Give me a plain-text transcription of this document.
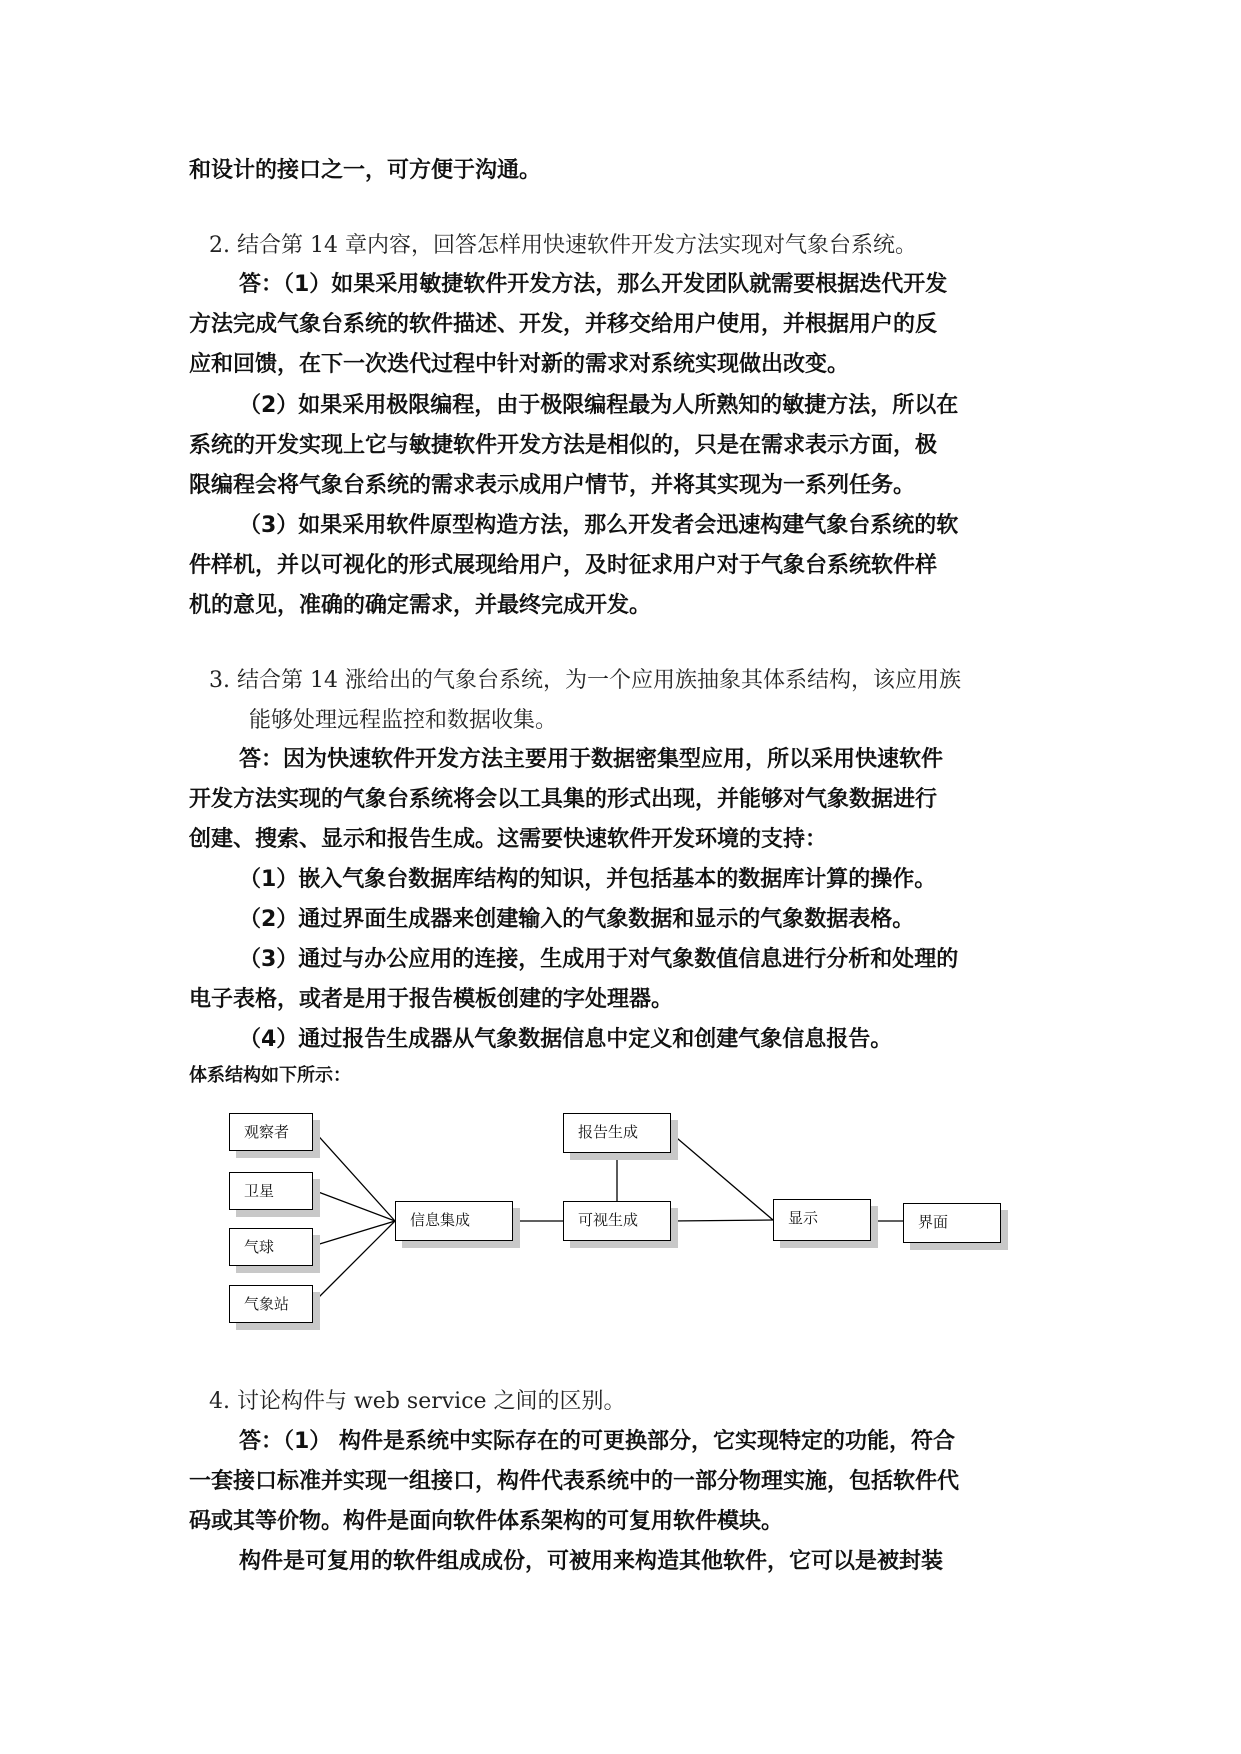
和设计的接口之一，可方便于沟通。
2. 结合第 14 章内容，回答怎样用快速软件开发方法实现对气象台系统。
答：（1）如果采用敏捷软件开发方法，那么开发团队就需要根据迭代开发
方法完成气象台系统的软件描述、开发，并移交给用户使用，并根据用户的反
应和回馈，在下一次迭代过程中针对新的需求对系统实现做出改变。
（2）如果采用极限编程，由于极限编程最为人所熟知的敏捷方法，所以在
系统的开发实现上它与敏捷软件开发方法是相似的，只是在需求表示方面，极
限编程会将气象台系统的需求表示成用户情节，并将其实现为一系列任务。
（3）如果采用软件原型构造方法，那么开发者会迅速构建气象台系统的软
件样机，并以可视化的形式展现给用户，及时征求用户对于气象台系统软件样
机的意见，准确的确定需求，并最终完成开发。
3. 结合第 14 涨给出的气象台系统，为一个应用族抽象其体系结构，该应用族
能够处理远程监控和数据收集。
答：因为快速软件开发方法主要用于数据密集型应用，所以采用快速软件
开发方法实现的气象台系统将会以工具集的形式出现，并能够对气象数据进行
创建、搜索、显示和报告生成。这需要快速软件开发环境的支持：
（1）嵌入气象台数据库结构的知识，并包括基本的数据库计算的操作。
（2）通过界面生成器来创建输入的气象数据和显示的气象数据表格。
（3）通过与办公应用的连接，生成用于对气象数值信息进行分析和处理的
电子表格，或者是用于报告模板创建的字处理器。
（4）通过报告生成器从气象数据信息中定义和创建气象信息报告。
体系结构如下所示：
4. 讨论构件与 web service 之间的区别。
答：（1） 构件是系统中实际存在的可更换部分，它实现特定的功能，符合
一套接口标准并实现一组接口，构件代表系统中的一部分物理实施，包括软件代
码或其等价物。构件是面向软件体系架构的可复用软件模块。
构件是可复用的软件组成成份，可被用来构造其他软件，它可以是被封装
观察者
卫星
气球
气象站
信息集成
报告生成
可视生成	显示	界面
